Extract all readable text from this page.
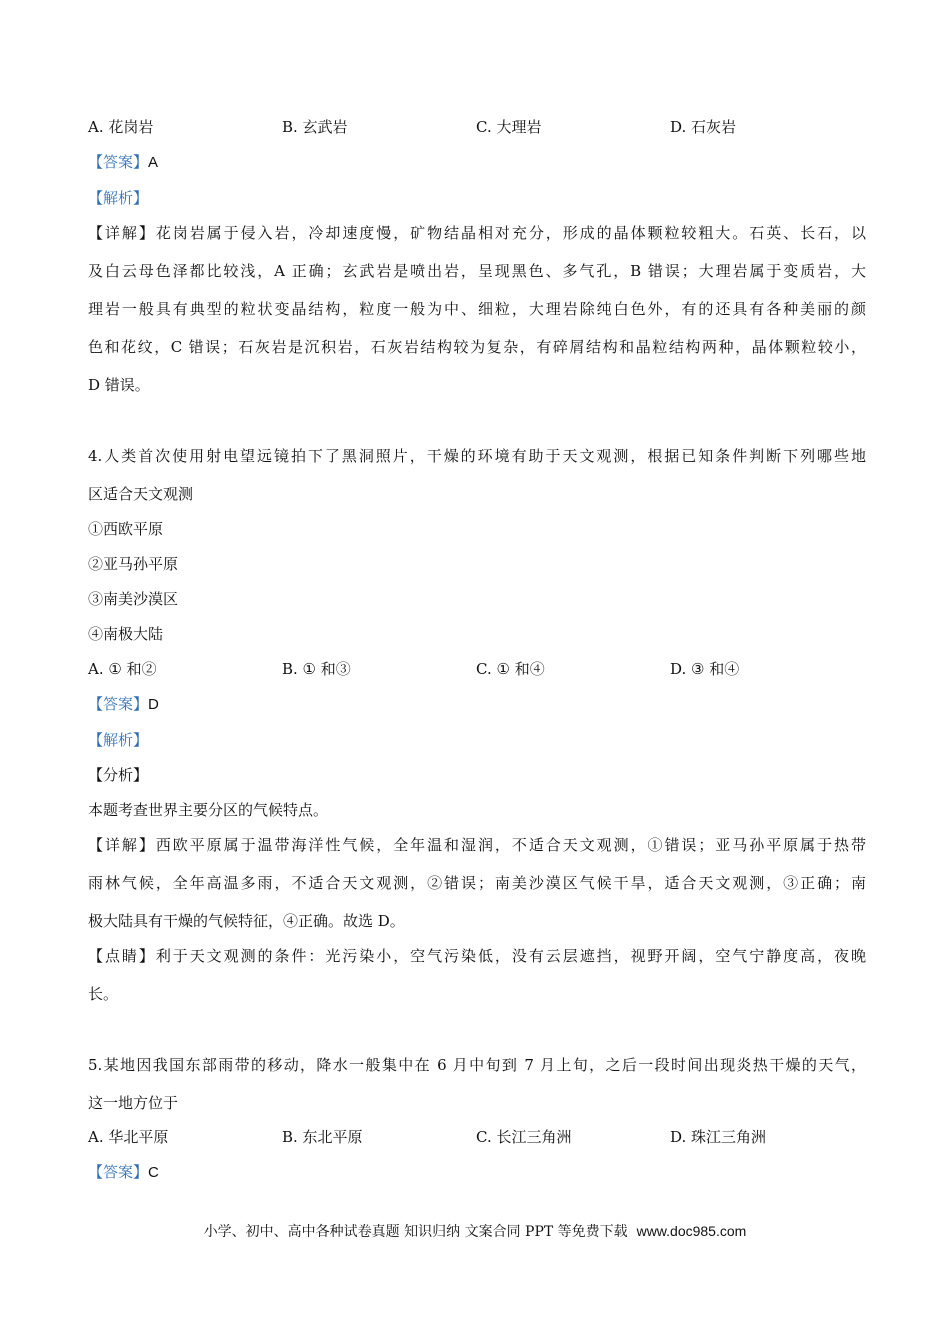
A. 花岗岩	B. 玄武岩	C. 大理岩	D. 石灰岩
【答案】A
【解析】
【详解】花岗岩属于侵入岩，冷却速度慢，矿物结晶相对充分，形成的晶体颗粒较粗大。石英、长石，以
及白云母色泽都比较浅，A 正确；玄武岩是喷出岩，呈现黑色、多气孔，B 错误；大理岩属于变质岩，大
理岩一般具有典型的粒状变晶结构，粒度一般为中、细粒，大理岩除纯白色外，有的还具有各种美丽的颜
色和花纹，C 错误；石灰岩是沉积岩，石灰岩结构较为复杂，有碎屑结构和晶粒结构两种，晶体颗粒较小，
D 错误。
4.人类首次使用射电望远镜拍下了黑洞照片，干燥的环境有助于天文观测，根据已知条件判断下列哪些地
区适合天文观测
①西欧平原
②亚马孙平原
③南美沙漠区
④南极大陆
A. ① 和②	B. ① 和③	C. ① 和④	D. ③ 和④
【答案】D
【解析】
【分析】
本题考查世界主要分区的气候特点。
【详解】西欧平原属于温带海洋性气候，全年温和湿润，不适合天文观测，①错误；亚马孙平原属于热带
雨林气候，全年高温多雨，不适合天文观测，②错误；南美沙漠区气候干旱，适合天文观测，③正确；南
极大陆具有干燥的气候特征，④正确。故选 D。
【点睛】利于天文观测的条件：光污染小，空气污染低，没有云层遮挡，视野开阔，空气宁静度高，夜晚
长。
5.某地因我国东部雨带的移动，降水一般集中在 6 月中旬到 7 月上旬，之后一段时间出现炎热干燥的天气，
这一地方位于
A. 华北平原	B. 东北平原	C. 长江三角洲	D. 珠江三角洲
【答案】C
小学、初中、高中各种试卷真题 知识归纳 文案合同 PPT 等免费下载 www.doc985.com
